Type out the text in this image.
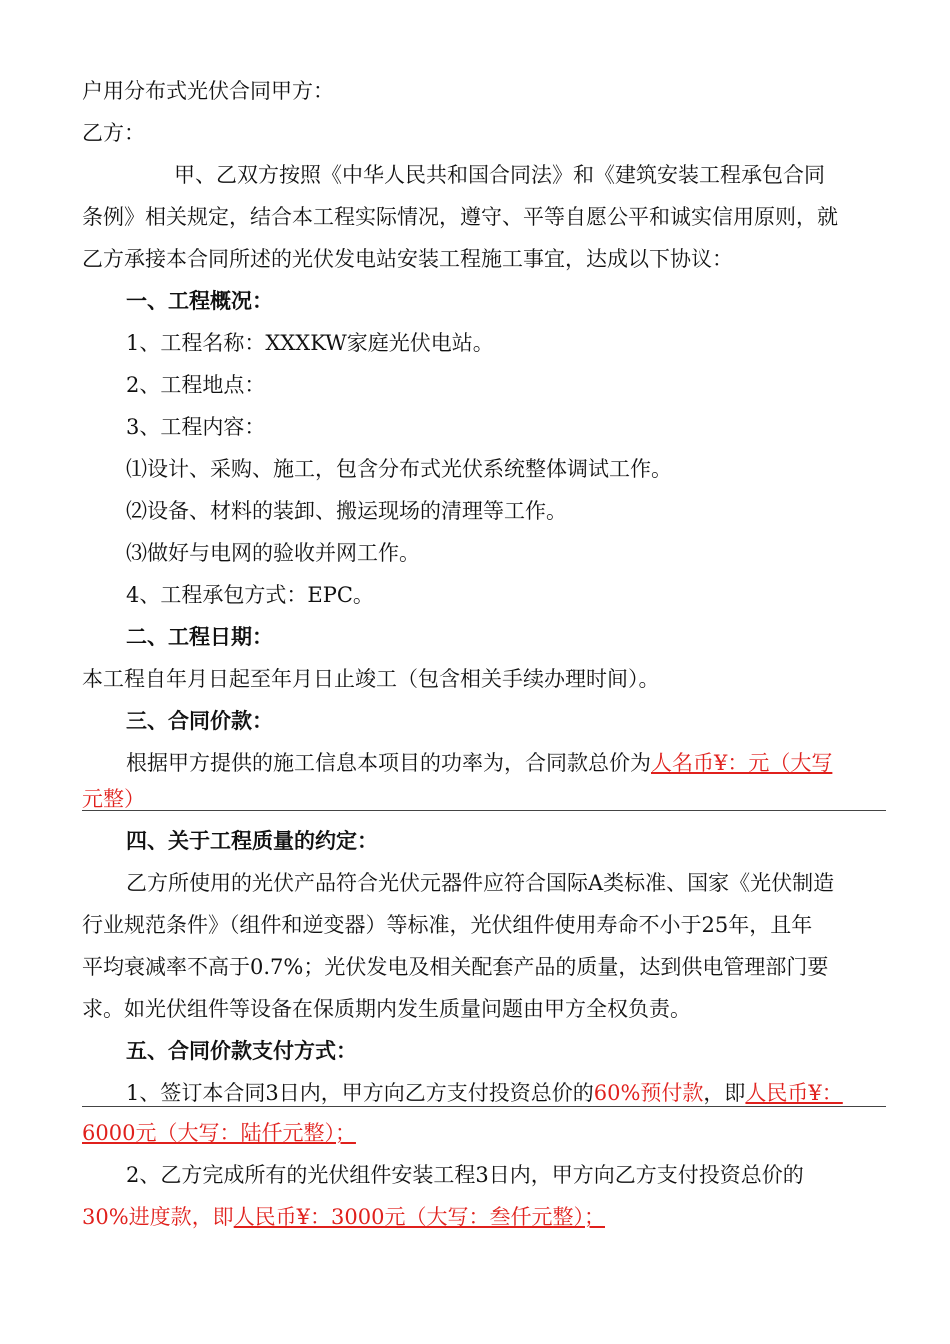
户用分布式光伏合同甲方：
乙方：
甲、乙双方按照《中华人民共和国合同法》和《建筑安装工程承包合同
条例》相关规定，结合本工程实际情况，遵守、平等自愿公平和诚实信用原则，就
乙方承接本合同所述的光伏发电站安装工程施工事宜，达成以下协议：
一、工程概况：
1、工程名称：XXXKW家庭光伏电站。
2、工程地点：
3、工程内容：
⑴设计、采购、施工，包含分布式光伏系统整体调试工作。
⑵设备、材料的装卸、搬运现场的清理等工作。
⑶做好与电网的验收并网工作。
4、工程承包方式：EPC。
二、工程日期：
本工程自年月日起至年月日止竣工（包含相关手续办理时间）。
三、合同价款：
根据甲方提供的施工信息本项目的功率为，合同款总价为人名币¥：元（大写
元整）
四、关于工程质量的约定：
乙方所使用的光伏产品符合光伏元器件应符合国际A类标准、国家《光伏制造
行业规范条件》（组件和逆变器）等标准，光伏组件使用寿命不小于25年，且年
平均衰减率不高于0.7%；光伏发电及相关配套产品的质量，达到供电管理部门要
求。如光伏组件等设备在保质期内发生质量问题由甲方全权负责。
五、合同价款支付方式：
1、签订本合同3日内，甲方向乙方支付投资总价的60%预付款，即人民币¥：
6000元（大写：陆仟元整）；
2、乙方完成所有的光伏组件安装工程3日内，甲方向乙方支付投资总价的
30%进度款，即人民币¥：3000元（大写：叁仟元整）；
